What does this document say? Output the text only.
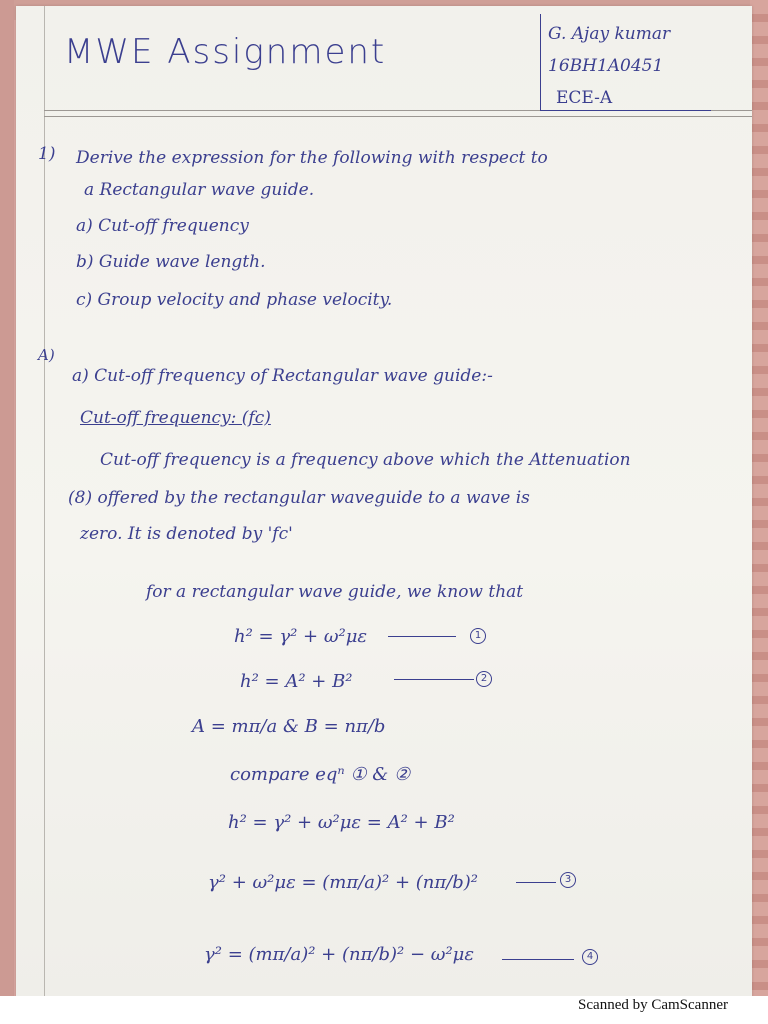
MWE Assignment	G. Ajay kumar
16BH1A0451
ECE-A
1) Derive the expression for the following with respect to
a Rectangular wave guide.
a) Cut-off frequency
b) Guide wave length.
c) Group velocity and phase velocity.
A)
a) Cut-off frequency of Rectangular wave guide:-
Cut-off frequency: (fc)
Cut-off frequency is a frequency above which the Attenuation
(8) offered by the rectangular waveguide to a wave is
zero. It is denoted by 'fc'
for a rectangular wave guide, we know that
h² = γ² + ω²με	1
h² = A² + B²	2
A = mπ/a & B = nπ/b
compare eqⁿ ① & ②
h² = γ² + ω²με = A² + B²
γ² + ω²με = (mπ/a)² + (nπ/b)²	3
γ² = (mπ/a)² + (nπ/b)² − ω²με	4
Scanned by CamScanner
